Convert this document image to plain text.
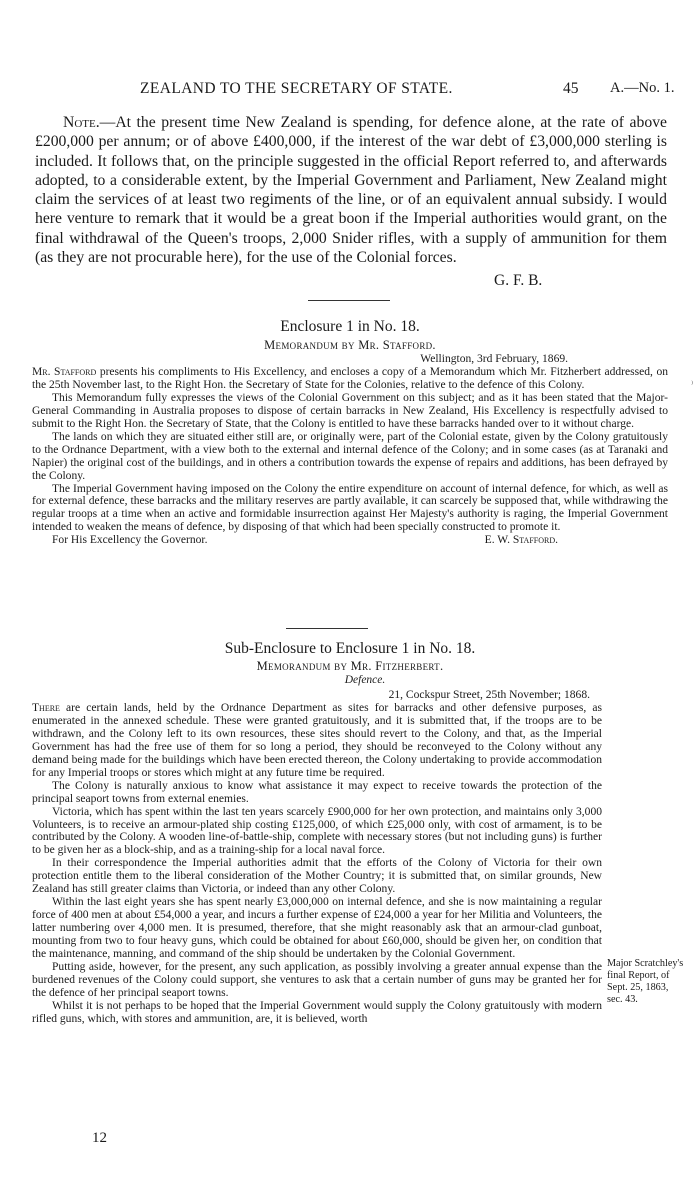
ZEALAND TO THE SECRETARY OF STATE.	45 A.—No. 1.

Note.—At the present time New Zealand is spending, for defence alone, at the rate of above £200,000 per annum; or of above £400,000, if the interest of the war debt of £3,000,000 sterling is included. It follows that, on the principle suggested in the official Report referred to, and afterwards adopted, to a considerable extent, by the Imperial Government and Parliament, New Zealand might claim the services of at least two regiments of the line, or of an equivalent annual subsidy. I would here venture to remark that it would be a great boon if the Imperial authorities would grant, on the final withdrawal of the Queen's troops, 2,000 Snider rifles, with a supply of ammunition for them (as they are not procurable here), for the use of the Colonial forces.

G. F. B.
Enclosure 1 in No. 18.
Memorandum by Mr. Stafford.
Wellington, 3rd February, 1869.

Mr. Stafford presents his compliments to His Excellency, and encloses a copy of a Memorandum which Mr. Fitzherbert addressed, on the 25th November last, to the Right Hon. the Secretary of State for the Colonies, relative to the defence of this Colony.

This Memorandum fully expresses the views of the Colonial Government on this subject; and as it has been stated that the Major-General Commanding in Australia proposes to dispose of certain barracks in New Zealand, His Excellency is respectfully advised to submit to the Right Hon. the Secretary of State, that the Colony is entitled to have these barracks handed over to it without charge.

The lands on which they are situated either still are, or originally were, part of the Colonial estate, given by the Colony gratuitously to the Ordnance Department, with a view both to the external and internal defence of the Colony; and in some cases (as at Taranaki and Napier) the original cost of the buildings, and in others a contribution towards the expense of repairs and additions, has been defrayed by the Colony.

The Imperial Government having imposed on the Colony the entire expenditure on account of internal defence, for which, as well as for external defence, these barracks and the military reserves are partly available, it can scarcely be supposed that, while withdrawing the regular troops at a time when an active and formidable insurrection against Her Majesty's authority is raging, the Imperial Government intended to weaken the means of defence, by disposing of that which had been specially constructed to promote it.

For His Excellency the Governor.	E. W. Stafford.
Sub-Enclosure to Enclosure 1 in No. 18.
Memorandum by Mr. Fitzherbert.
Defence.
21, Cockspur Street, 25th November; 1868.

There are certain lands, held by the Ordnance Department as sites for barracks and other defensive purposes, as enumerated in the annexed schedule. These were granted gratuitously, and it is submitted that, if the troops are to be withdrawn, and the Colony left to its own resources, these sites should revert to the Colony, and that, as the Imperial Government has had the free use of them for so long a period, they should be reconveyed to the Colony without any demand being made for the buildings which have been erected thereon, the Colony undertaking to provide accommodation for any Imperial troops or stores which might at any future time be required.

The Colony is naturally anxious to know what assistance it may expect to receive towards the protection of the principal seaport towns from external enemies.

Victoria, which has spent within the last ten years scarcely £900,000 for her own protection, and maintains only 3,000 Volunteers, is to receive an armour-plated ship costing £125,000, of which £25,000 only, with cost of armament, is to be contributed by the Colony. A wooden line-of-battle-ship, complete with necessary stores (but not including guns) is further to be given her as a block-ship, and as a training-ship for a local naval force.

In their correspondence the Imperial authorities admit that the efforts of the Colony of Victoria for their own protection entitle them to the liberal consideration of the Mother Country; it is submitted that, on similar grounds, New Zealand has still greater claims than Victoria, or indeed than any other Colony.

Within the last eight years she has spent nearly £3,000,000 on internal defence, and she is now maintaining a regular force of 400 men at about £54,000 a year, and incurs a further expense of £24,000 a year for her Militia and Volunteers, the latter numbering over 4,000 men. It is presumed, therefore, that she might reasonably ask that an armour-clad gunboat, mounting from two to four heavy guns, which could be obtained for about £60,000, should be given her, on condition that the maintenance, manning, and command of the ship should be undertaken by the Colonial Government.

Putting aside, however, for the present, any such application, as possibly involving a greater annual expense than the burdened revenues of the Colony could support, she ventures to ask that a certain number of guns may be granted her for the defence of her principal seaport towns.

Whilst it is not perhaps to be hoped that the Imperial Government would supply the Colony gratuitously with modern rifled guns, which, with stores and ammunition, are, it is believed, worth

Major Scratchley's
final Report, of
Sept. 25, 1863,
sec. 43.
12
⁾
